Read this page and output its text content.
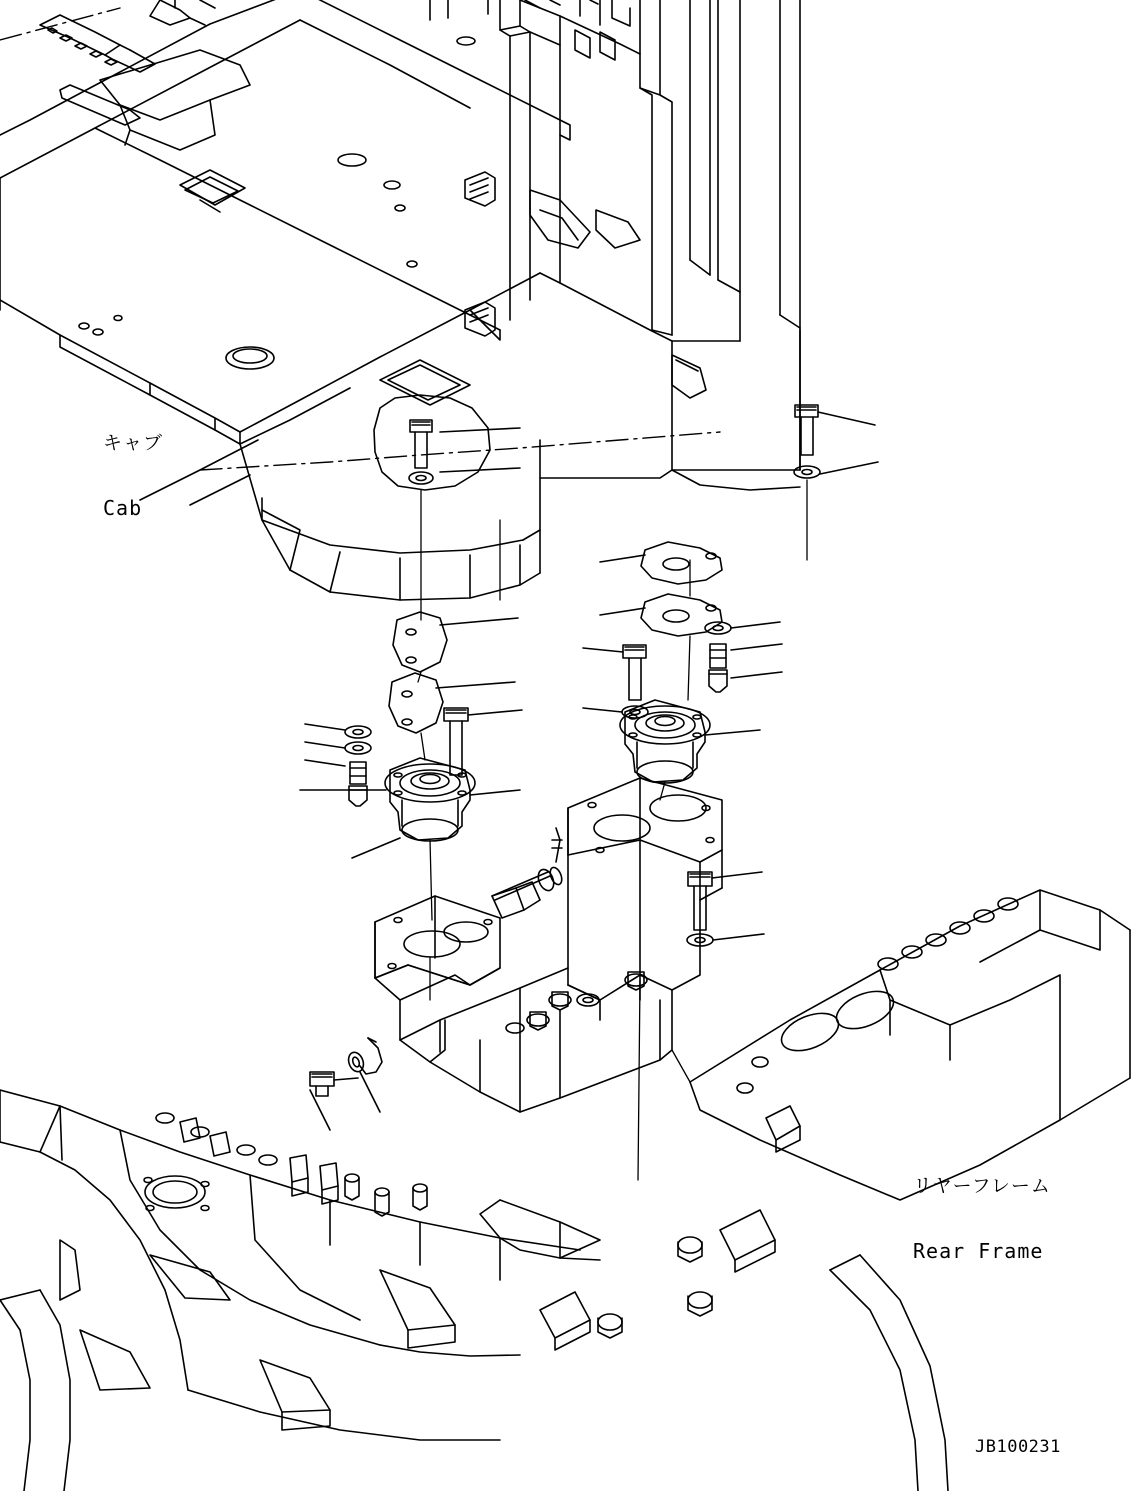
キャブ

Cab

リヤーフレーム

Rear Frame

JB100231
